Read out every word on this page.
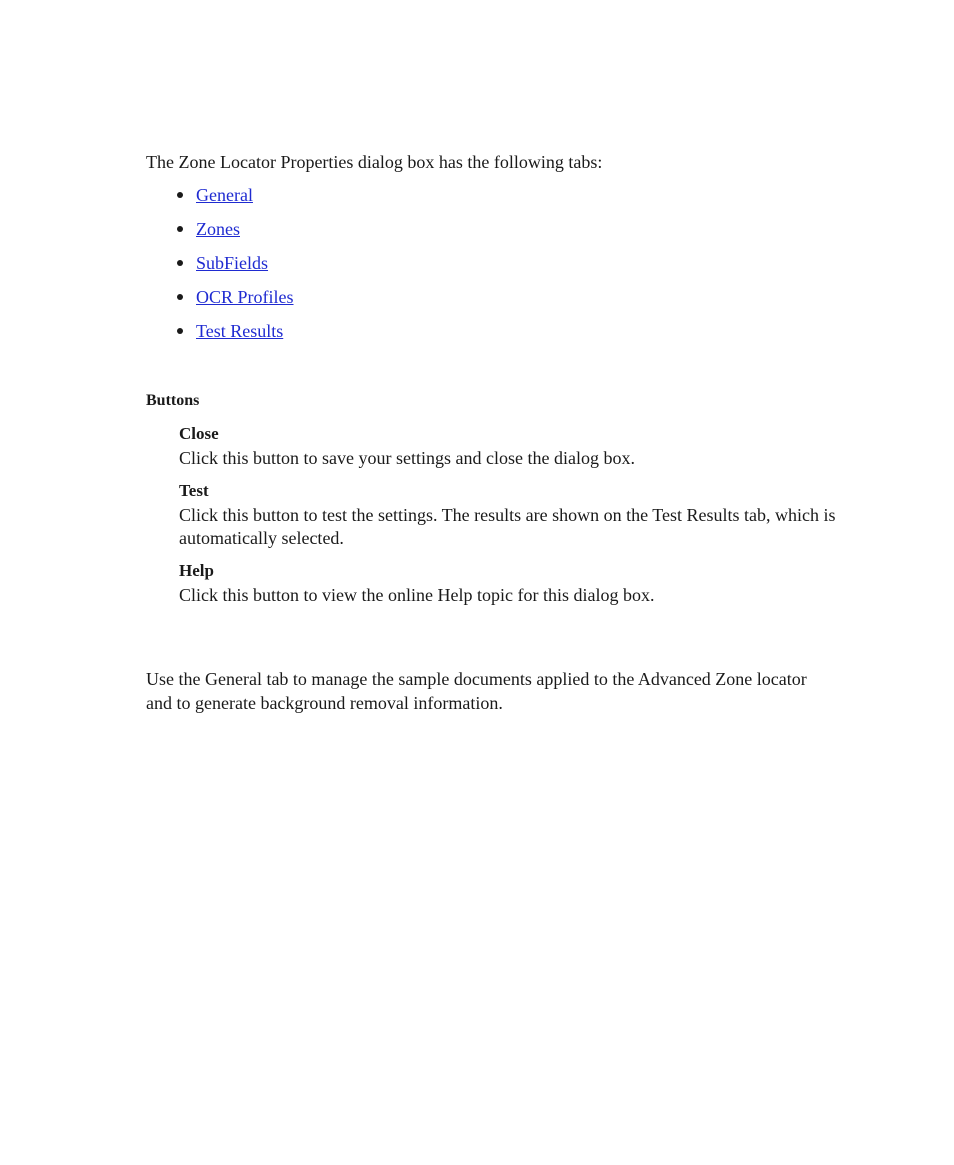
The Zone Locator Properties dialog box has the following tabs:

General
Zones
SubFields
OCR Profiles
Test Results
Buttons

Close

Click this button to save your settings and close the dialog box.

Test

Click this button to test the settings. The results are shown on the Test Results tab, which is automatically selected.

Help

Click this button to view the online Help topic for this dialog box.

Use the General tab to manage the sample documents applied to the Advanced Zone locator and to generate background removal information.
